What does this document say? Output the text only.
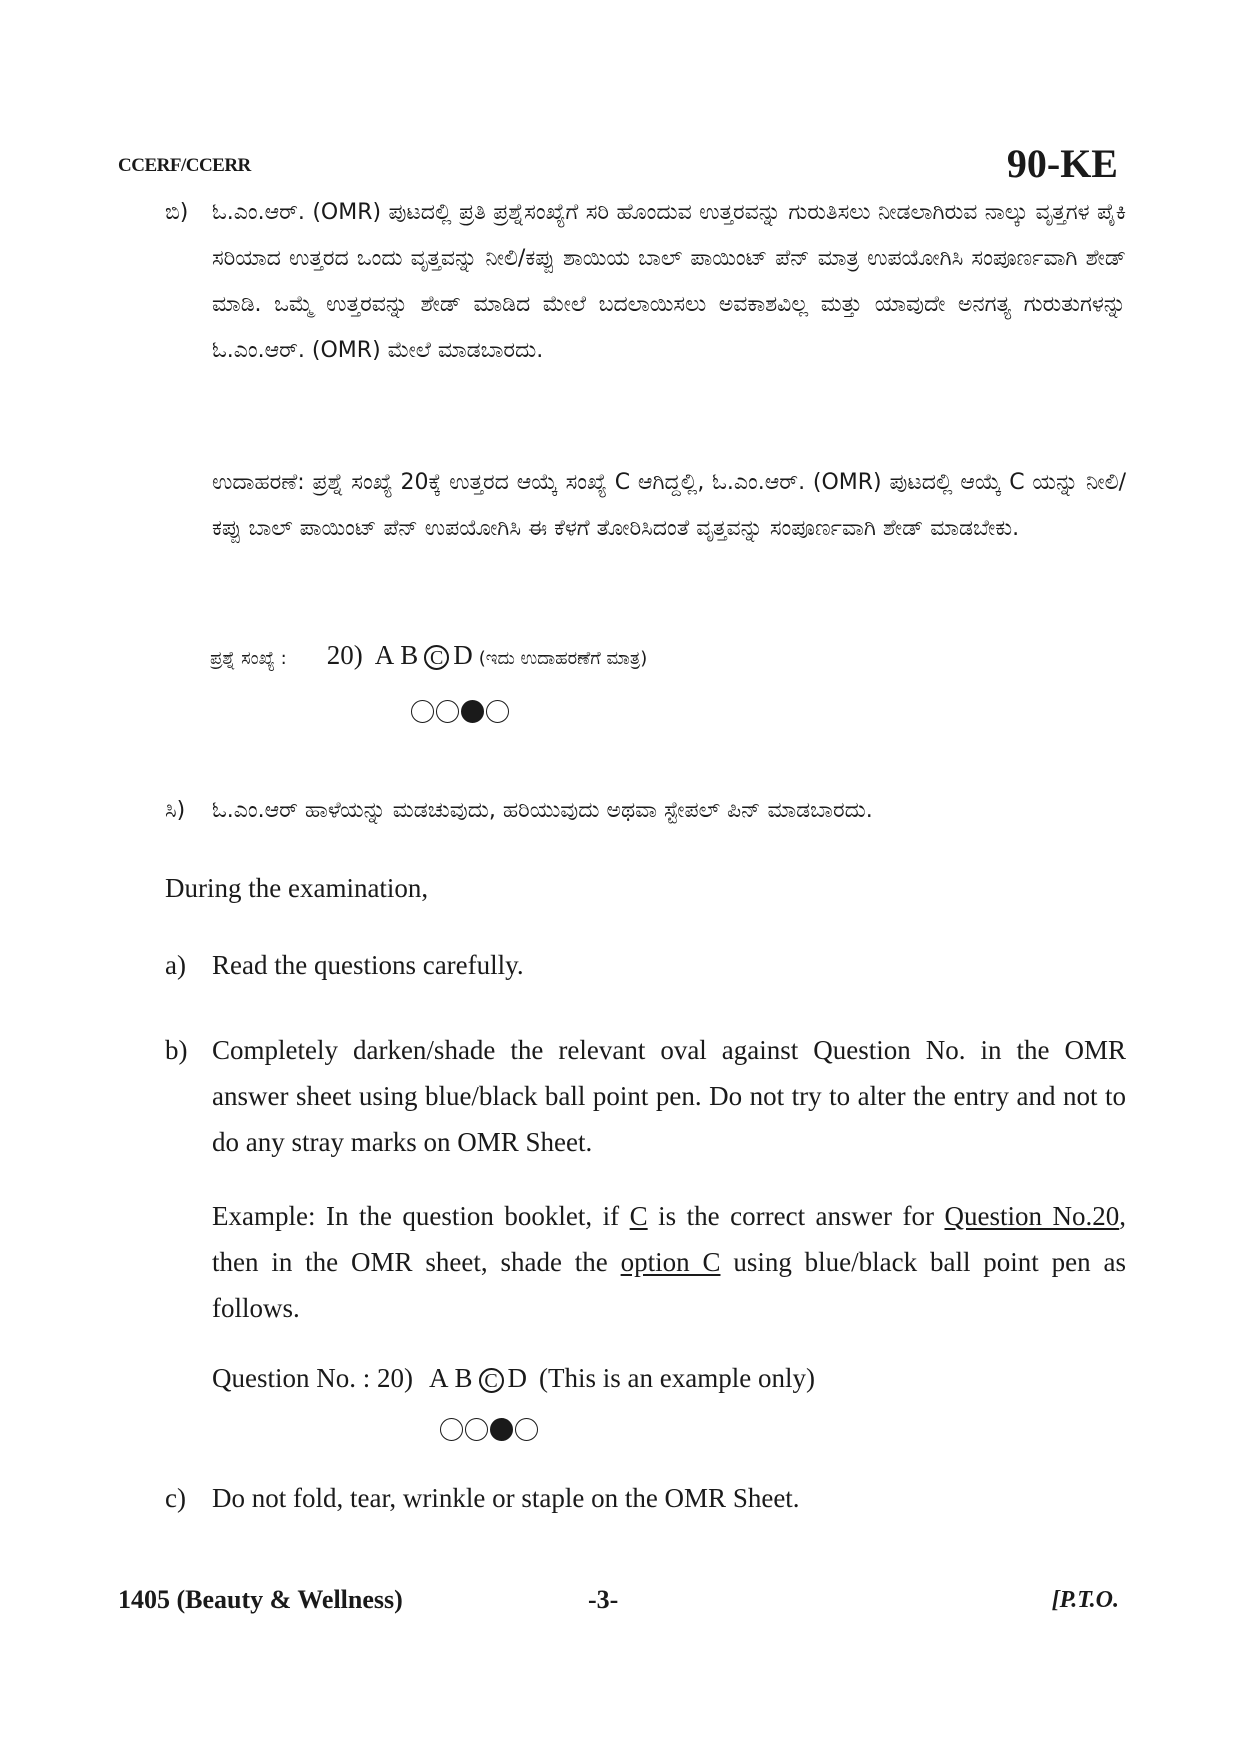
CCERF/CCERR	90-KE
ಬಿ) ಓ.ಎಂ.ಆರ್. (OMR) ಪುಟದಲ್ಲಿ ಪ್ರತಿ ಪ್ರಶ್ನೆಸಂಖ್ಯೆಗೆ ಸರಿ ಹೊಂದುವ ಉತ್ತರವನ್ನು ಗುರುತಿಸಲು ನೀಡಲಾಗಿರುವ ನಾಲ್ಕು ವೃತ್ತಗಳ ಪೈಕಿ ಸರಿಯಾದ ಉತ್ತರದ ಒಂದು ವೃತ್ತವನ್ನು ನೀಲಿ/ಕಪ್ಪು ಶಾಯಿಯ ಬಾಲ್ ಪಾಯಿಂಟ್ ಪೆನ್ ಮಾತ್ರ ಉಪಯೋಗಿಸಿ ಸಂಪೂರ್ಣವಾಗಿ ಶೇಡ್ ಮಾಡಿ. ಒಮ್ಮೆ ಉತ್ತರವನ್ನು ಶೇಡ್ ಮಾಡಿದ ಮೇಲೆ ಬದಲಾಯಿಸಲು ಅವಕಾಶವಿಲ್ಲ ಮತ್ತು ಯಾವುದೇ ಅನಗತ್ಯ ಗುರುತುಗಳನ್ನು ಓ.ಎಂ.ಆರ್. (OMR) ಮೇಲೆ ಮಾಡಬಾರದು.
ಉದಾಹರಣೆ: ಪ್ರಶ್ನೆ ಸಂಖ್ಯೆ 20ಕ್ಕೆ ಉತ್ತರದ ಆಯ್ಕೆ ಸಂಖ್ಯೆ C ಆಗಿದ್ದಲ್ಲಿ, ಓ.ಎಂ.ಆರ್. (OMR) ಪುಟದಲ್ಲಿ ಆಯ್ಕೆ C ಯನ್ನು ನೀಲಿ/ಕಪ್ಪು ಬಾಲ್ ಪಾಯಿಂಟ್ ಪೆನ್ ಉಪಯೋಗಿಸಿ ಈ ಕೆಳಗೆ ತೋರಿಸಿದಂತೆ ವೃತ್ತವನ್ನು ಸಂಪೂರ್ಣವಾಗಿ ಶೇಡ್ ಮಾಡಬೇಕು.
ಪ್ರಶ್ನೆ ಸಂಖ್ಯೆ : 20) A B C D (ಇದು ಉದಾಹರಣೆಗೆ ಮಾತ್ರ)
ಸಿ) ಓ.ಎಂ.ಆರ್ ಹಾಳೆಯನ್ನು ಮಡಚುವುದು, ಹರಿಯುವುದು ಅಥವಾ ಸ್ಟೇಪಲ್ ಪಿನ್ ಮಾಡಬಾರದು.
During the examination,
a) Read the questions carefully.
b) Completely darken/shade the relevant oval against Question No. in the OMR answer sheet using blue/black ball point pen. Do not try to alter the entry and not to do any stray marks on OMR Sheet.
Example: In the question booklet, if C is the correct answer for Question No.20, then in the OMR sheet, shade the option C using blue/black ball point pen as follows.
Question No. : 20) A B C D (This is an example only)
c) Do not fold, tear, wrinkle or staple on the OMR Sheet.
1405 (Beauty & Wellness)	-3-	[P.T.O.
